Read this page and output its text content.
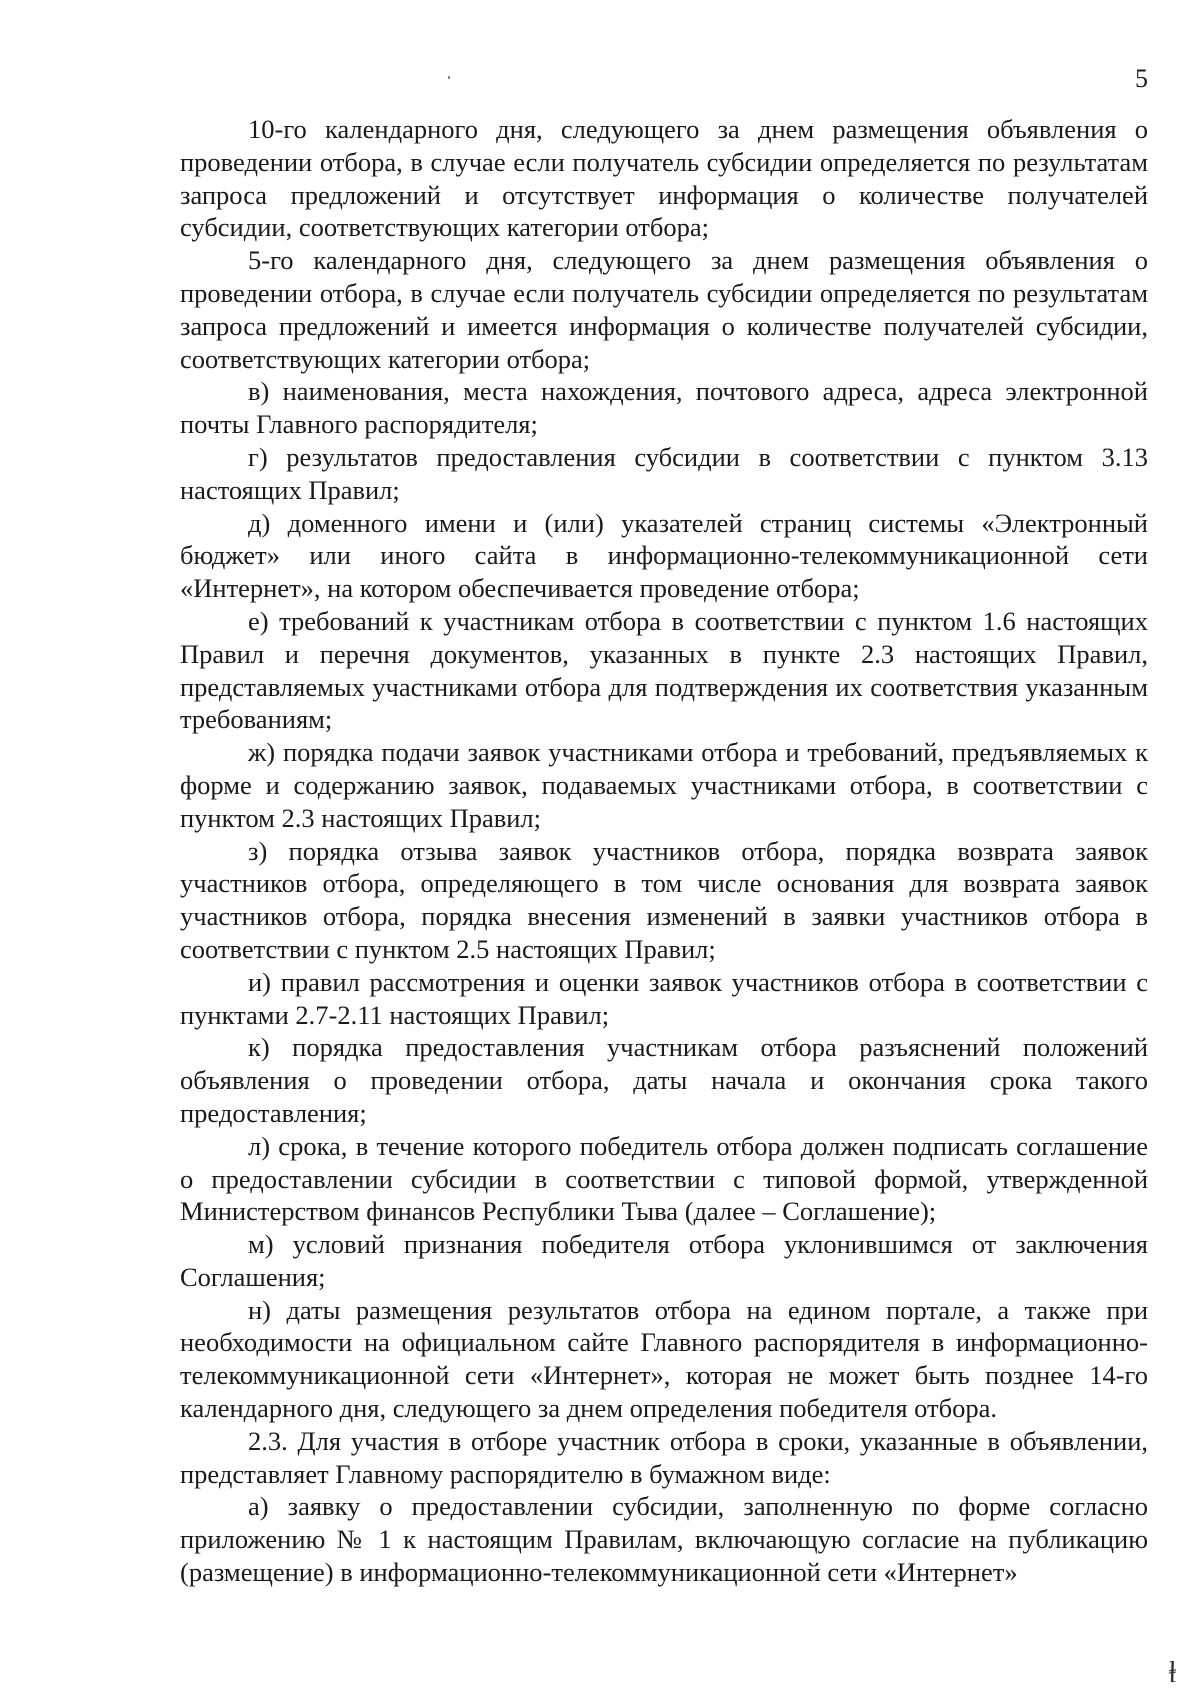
5

10-го календарного дня, следующего за днем размещения объявления о проведении отбора, в случае если получатель субсидии определяется по результатам запроса предложений и отсутствует информация о количестве получателей субсидии, соответствующих категории отбора;

5-го календарного дня, следующего за днем размещения объявления о проведении отбора, в случае если получатель субсидии определяется по результатам запроса предложений и имеется информация о количестве получателей субсидии, соответствующих категории отбора;

в) наименования, места нахождения, почтового адреса, адреса электронной почты Главного распорядителя;

г) результатов предоставления субсидии в соответствии с пунктом 3.13 настоящих Правил;

д) доменного имени и (или) указателей страниц системы «Электронный бюджет» или иного сайта в информационно-телекоммуникационной сети «Интернет», на котором обеспечивается проведение отбора;

е) требований к участникам отбора в соответствии с пунктом 1.6 настоящих Правил и перечня документов, указанных в пункте 2.3 настоящих Правил, представляемых участниками отбора для подтверждения их соответствия указанным требованиям;

ж) порядка подачи заявок участниками отбора и требований, предъявляемых к форме и содержанию заявок, подаваемых участниками отбора, в соответствии с пунктом 2.3 настоящих Правил;

з) порядка отзыва заявок участников отбора, порядка возврата заявок участников отбора, определяющего в том числе основания для возврата заявок участников отбора, порядка внесения изменений в заявки участников отбора в соответствии с пунктом 2.5 настоящих Правил;

и) правил рассмотрения и оценки заявок участников отбора в соответствии с пунктами 2.7-2.11 настоящих Правил;

к) порядка предоставления участникам отбора разъяснений положений объявления о проведении отбора, даты начала и окончания срока такого предоставления;

л) срока, в течение которого победитель отбора должен подписать соглашение о предоставлении субсидии в соответствии с типовой формой, утвержденной Министерством финансов Республики Тыва (далее – Соглашение);

м) условий признания победителя отбора уклонившимся от заключения Соглашения;

н) даты размещения результатов отбора на едином портале, а также при необходимости на официальном сайте Главного распорядителя в информационно-телекоммуникационной сети «Интернет», которая не может быть позднее 14-го календарного дня, следующего за днем определения победителя отбора.

2.3. Для участия в отборе участник отбора в сроки, указанные в объявлении, представляет Главному распорядителю в бумажном виде:

а) заявку о предоставлении субсидии, заполненную по форме согласно приложению № 1 к настоящим Правилам, включающую согласие на публикацию (размещение) в информационно-телекоммуникационной сети «Интернет»

ⱡ
